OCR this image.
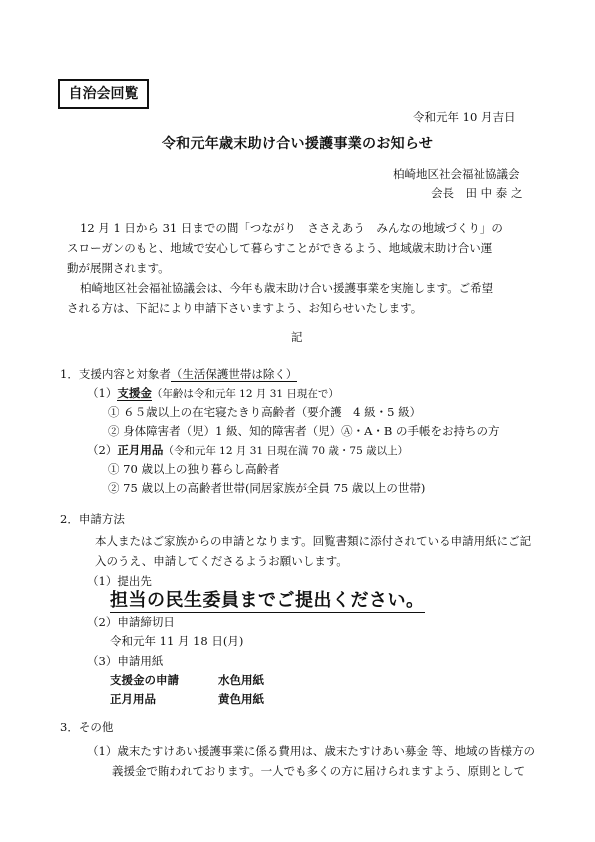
自治会回覧
令和元年 10 月吉日
令和元年歳末助け合い援護事業のお知らせ
柏崎地区社会福祉協議会
会長　田 中 泰 之
12 月 1 日から 31 日までの間「つながり　ささえあう　みんなの地域づくり」の
スローガンのもと、地域で安心して暮らすことができるよう、地域歳末助け合い運
動が展開されます。
柏崎地区社会福祉協議会は、今年も歳末助け合い援護事業を実施します。ご希望
される方は、下記により申請下さいますよう、お知らせいたします。
記
1．支援内容と対象者（生活保護世帯は除く）
（1）支援金（年齢は令和元年 12 月 31 日現在で）
① ６５歳以上の在宅寝たきり高齢者（要介護　4 級・5 級）
② 身体障害者（児）1 級、知的障害者（児）Ⓐ・A・B の手帳をお持ちの方
（2）正月用品（令和元年 12 月 31 日現在満 70 歳・75 歳以上）
① 70 歳以上の独り暮らし高齢者
② 75 歳以上の高齢者世帯(同居家族が全員 75 歳以上の世帯)
2．申請方法
本人またはご家族からの申請となります。回覧書類に添付されている申請用紙にご記
入のうえ、申請してくださるようお願いします。
（1）提出先
担当の民生委員までご提出ください。
（2）申請締切日
令和元年 11 月 18 日(月)
（3）申請用紙
支援金の申請	水色用紙
正月用品	黄色用紙
3．その他
（1）歳末たすけあい援護事業に係る費用は、歳末たすけあい募金 等、地域の皆様方の
義援金で賄われております。一人でも多くの方に届けられますよう、原則として
